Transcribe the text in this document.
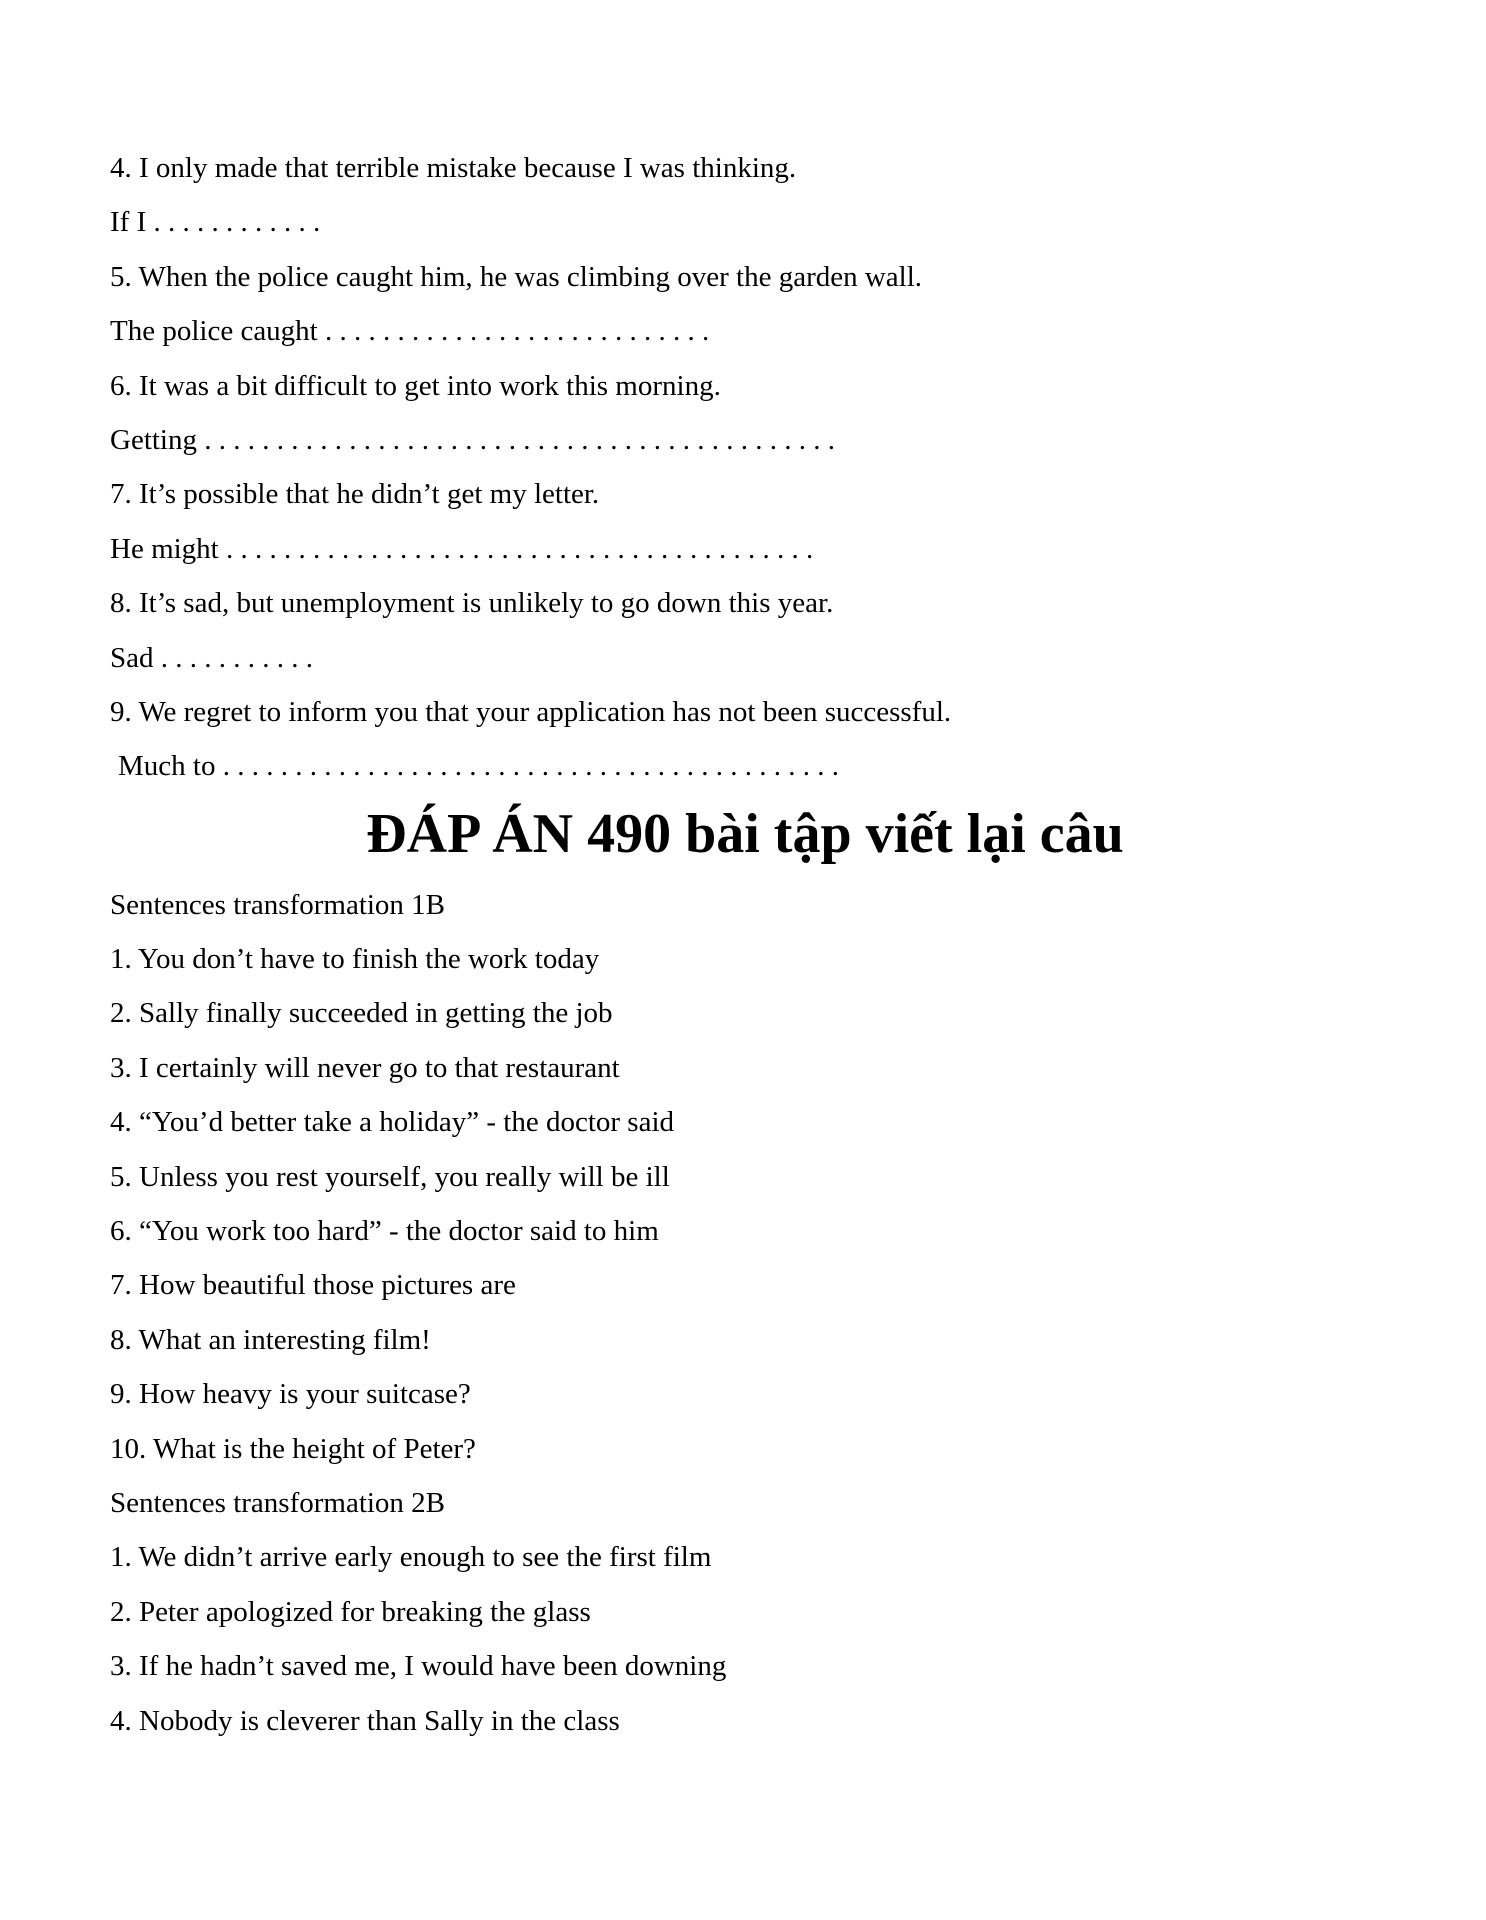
4. I only made that terrible mistake because I was thinking.
If I . . . . . . . . . . . .
5. When the police caught him, he was climbing over the garden wall.
The police caught . . . . . . . . . . . . . . . . . . . . . . . . . . .
6. It was a bit difficult to get into work this morning.
Getting . . . . . . . . . . . . . . . . . . . . . . . . . . . . . . . . . . . . . . . . . . . .
7. It’s possible that he didn’t get my letter.
He might . . . . . . . . . . . . . . . . . . . . . . . . . . . . . . . . . . . . . . . . .
8. It’s sad, but unemployment is unlikely to go down this year.
Sad . . . . . . . . . . .
9. We regret to inform you that your application has not been successful.
Much to . . . . . . . . . . . . . . . . . . . . . . . . . . . . . . . . . . . . . . . . . . .
ĐÁP ÁN 490 bài tập viết lại câu
Sentences transformation 1B
1. You don’t have to finish the work today
2. Sally finally succeeded in getting the job
3. I certainly will never go to that restaurant
4. “You’d better take a holiday” - the doctor said
5. Unless you rest yourself, you really will be ill
6. “You work too hard” - the doctor said to him
7. How beautiful those pictures are
8. What an interesting film!
9. How heavy is your suitcase?
10. What is the height of Peter?
Sentences transformation 2B
1. We didn’t arrive early enough to see the first film
2. Peter apologized for breaking the glass
3. If he hadn’t saved me, I would have been downing
4. Nobody is cleverer than Sally in the class
